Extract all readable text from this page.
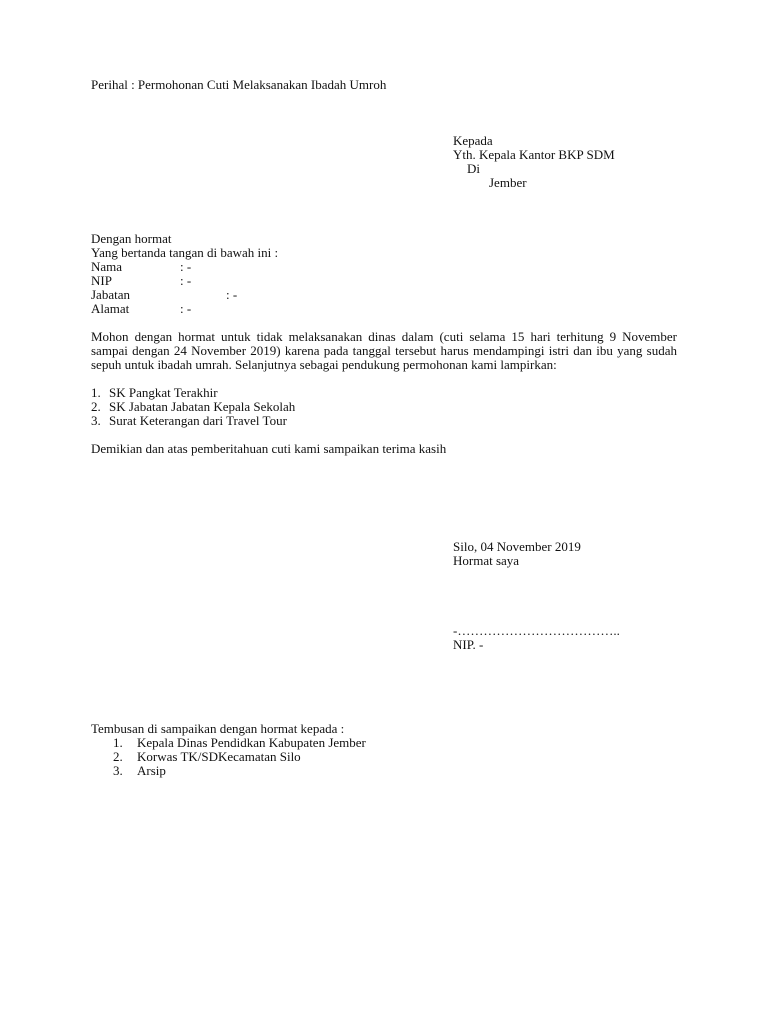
Perihal : Permohonan Cuti Melaksanakan Ibadah Umroh
Kepada
Yth. Kepala Kantor BKP SDM
Di
Jember
Dengan hormat
Yang bertanda tangan di bawah ini :
Nama	: -
NIP	: -
Jabatan	: -
Alamat	: -
Mohon dengan hormat untuk tidak melaksanakan dinas dalam (cuti selama 15 hari terhitung 9 November sampai dengan 24 November 2019) karena pada tanggal tersebut harus mendampingi istri dan ibu yang sudah sepuh untuk ibadah umrah. Selanjutnya sebagai pendukung permohonan kami lampirkan:
1. SK Pangkat Terakhir
2. SK Jabatan Jabatan Kepala Sekolah
3. Surat Keterangan dari Travel Tour
Demikian dan atas pemberitahuan cuti kami sampaikan terima kasih
Silo, 04 November 2019
Hormat saya
-………………………………..
NIP. -
Tembusan di sampaikan dengan hormat kepada :
1. Kepala Dinas Pendidkan Kabupaten Jember
2. Korwas TK/SDKecamatan Silo
3. Arsip
